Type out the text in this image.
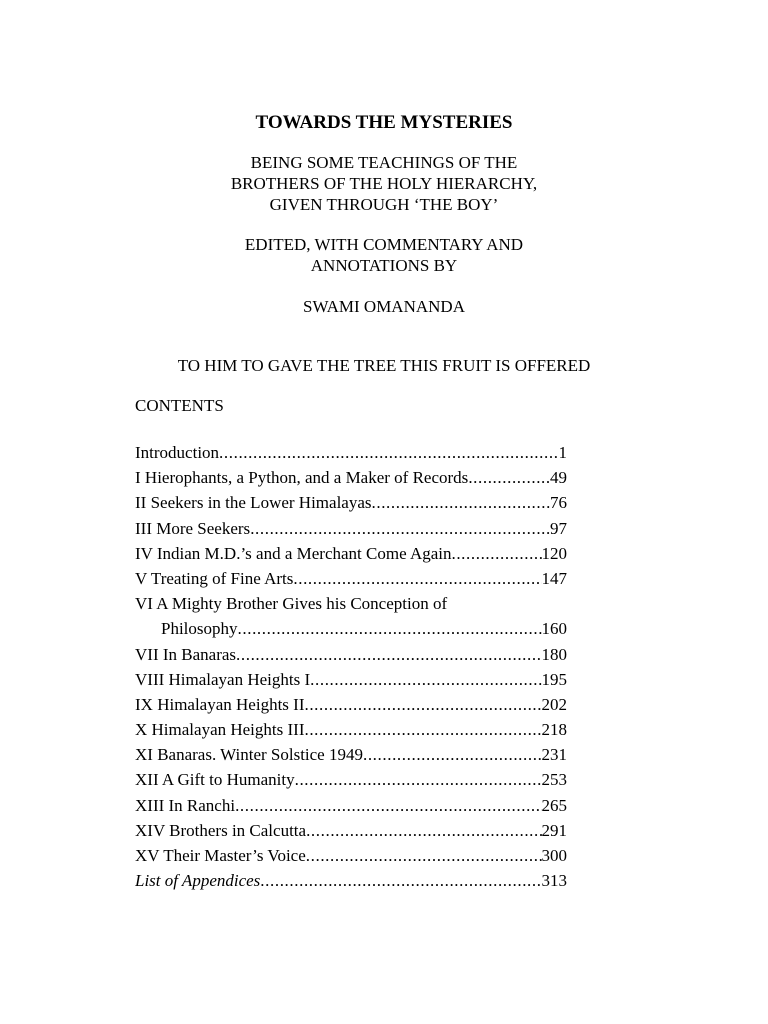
TOWARDS THE MYSTERIES
BEING SOME TEACHINGS OF THE
BROTHERS OF THE HOLY HIERARCHY,
GIVEN THROUGH ‘THE BOY’
EDITED, WITH COMMENTARY AND
ANNOTATIONS BY
SWAMI OMANANDA
TO HIM TO GAVE THE TREE THIS FRUIT IS OFFERED
CONTENTS
Introduction .....	1
I Hierophants, a Python, and a Maker of Records .....	49
II Seekers in the Lower Himalayas .....	76
III More Seekers .....	97
IV Indian M.D.’s and a Merchant Come Again .....	120
V Treating of Fine Arts .....	147
VI A Mighty Brother Gives his Conception of
Philosophy .....	160
VII In Banaras .....	180
VIII Himalayan Heights I .....	195
IX Himalayan Heights II .....	202
X Himalayan Heights III .....	218
XI Banaras. Winter Solstice 1949 .....	231
XII A Gift to Humanity .....	253
XIII In Ranchi .....	265
XIV Brothers in Calcutta .....	291
XV Their Master’s Voice .....	300
List of Appendices .....	313
